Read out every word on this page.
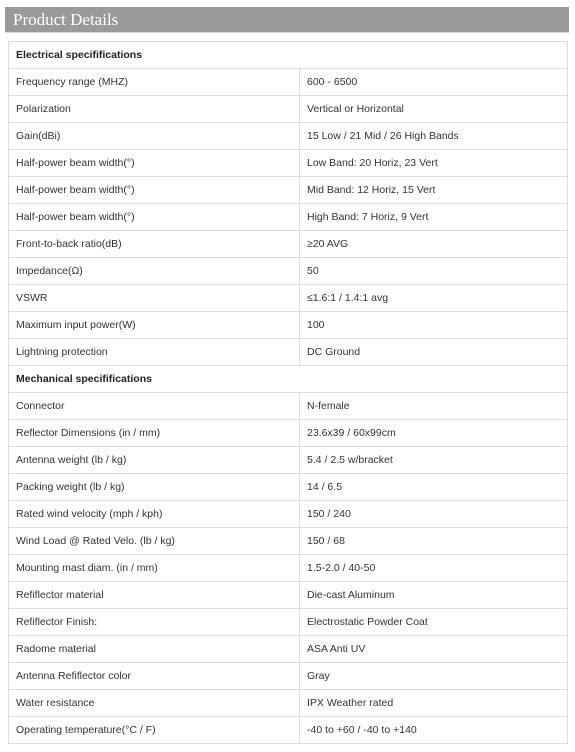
Product Details
Electrical specififications	
Frequency range (MHZ)	600 - 6500
Polarization	Vertical or Horizontal
Gain(dBi)	15 Low / 21 Mid / 26 High Bands
Half-power beam width(°)	Low Band: 20 Horiz, 23 Vert
Half-power beam width(°)	Mid Band: 12 Horiz, 15 Vert
Half-power beam width(°)	High Band: 7 Horiz, 9 Vert
Front-to-back ratio(dB)	≥20 AVG
Impedance(Ω)	50
VSWR	≤1.6:1 / 1.4:1 avg
Maximum input power(W)	100
Lightning protection	DC Ground
Mechanical specififications	
Connector	N-female
Reflector Dimensions (in / mm)	23.6x39 / 60x99cm
Antenna weight (lb / kg)	5.4 / 2.5 w/bracket
Packing weight (lb / kg)	14 / 6.5
Rated wind velocity (mph / kph)	150 / 240
Wind Load @ Rated Velo. (lb / kg)	150 / 68
Mounting mast diam. (in / mm)	1.5-2.0 / 40-50
Refiflector material	Die-cast Aluminum
Refiflector Finish:	Electrostatic Powder Coat
Radome material	ASA Anti UV
Antenna Refiflector color	Gray
Water resistance	IPX Weather rated
Operating temperature(°C / F)	-40 to +60 / -40 to +140
